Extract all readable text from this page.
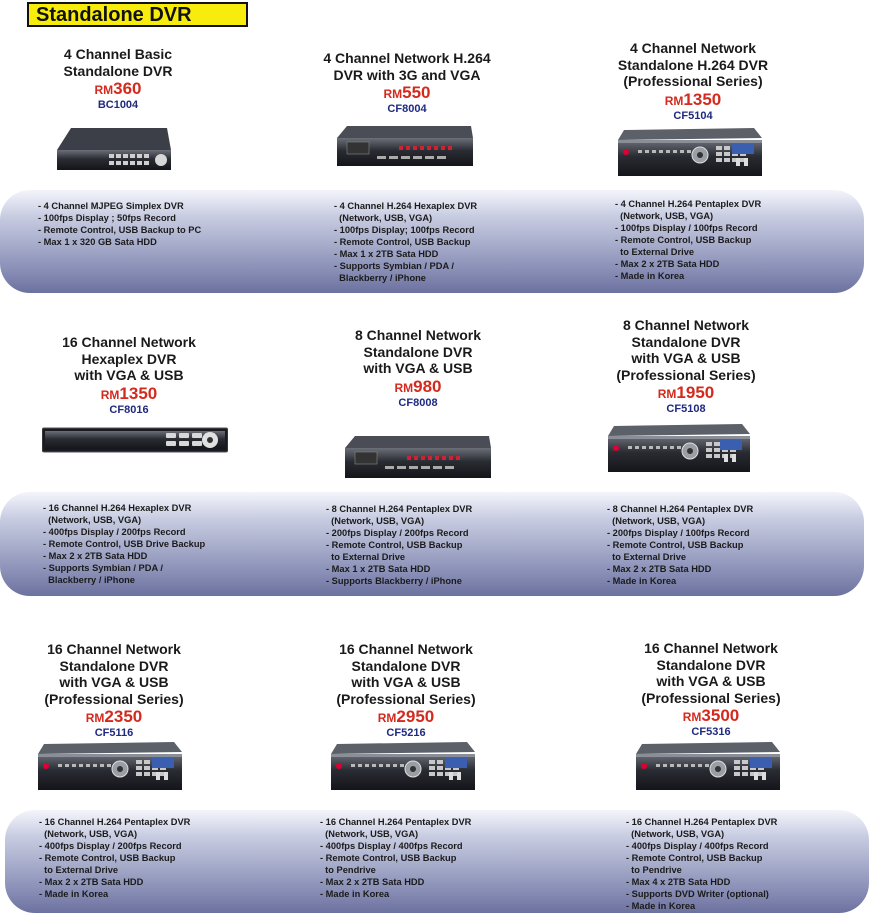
Standalone DVR
4 Channel Basic
Standalone DVR
RM360
BC1004
- 4 Channel MJPEG Simplex DVR
- 100fps Display ; 50fps Record
- Remote Control, USB Backup to PC
- Max 1 x 320 GB Sata HDD
4 Channel Network H.264
DVR with 3G and VGA
RM550
CF8004
- 4 Channel H.264 Hexaplex DVR
(Network, USB, VGA)
- 100fps Display; 100fps Record
- Remote Control, USB Backup
- Max 1 x 2TB Sata HDD
- Supports Symbian / PDA /
Blackberry / iPhone
4 Channel Network
Standalone H.264 DVR
(Professional Series)
RM1350
CF5104
- 4 Channel H.264 Pentaplex DVR
(Network, USB, VGA)
- 100fps Display / 100fps Record
- Remote Control, USB Backup
to External Drive
- Max 2 x 2TB Sata HDD
- Made in Korea
16 Channel Network
Hexaplex DVR
with VGA & USB
RM1350
CF8016
- 16 Channel H.264 Hexaplex DVR
(Network, USB, VGA)
- 400fps Display / 200fps Record
- Remote Control, USB Drive Backup
- Max 2 x 2TB Sata HDD
- Supports Symbian / PDA /
Blackberry / iPhone
8 Channel Network
Standalone DVR
with VGA & USB
RM980
CF8008
- 8 Channel H.264 Pentaplex DVR
(Network, USB, VGA)
- 200fps Display / 200fps Record
- Remote Control, USB Backup
to External Drive
- Max 1 x 2TB Sata HDD
- Supports Blackberry / iPhone
8 Channel Network
Standalone DVR
with VGA & USB
(Professional Series)
RM1950
CF5108
- 8 Channel H.264 Pentaplex DVR
(Network, USB, VGA)
- 200fps Display / 100fps Record
- Remote Control, USB Backup
to External Drive
- Max 2 x 2TB Sata HDD
- Made in Korea
16 Channel Network
Standalone DVR
with VGA & USB
(Professional Series)
RM2350
CF5116
- 16 Channel H.264 Pentaplex DVR
(Network, USB, VGA)
- 400fps Display / 200fps Record
- Remote Control, USB Backup
to External Drive
- Max 2 x 2TB Sata HDD
- Made in Korea
16 Channel Network
Standalone DVR
with VGA & USB
(Professional Series)
RM2950
CF5216
- 16 Channel H.264 Pentaplex DVR
(Network, USB, VGA)
- 400fps Display / 400fps Record
- Remote Control, USB Backup
to Pendrive
- Max 2 x 2TB Sata HDD
- Made in Korea
16 Channel Network
Standalone DVR
with VGA & USB
(Professional Series)
RM3500
CF5316
- 16 Channel H.264 Pentaplex DVR
(Network, USB, VGA)
- 400fps Display / 400fps Record
- Remote Control, USB Backup
to Pendrive
- Max 4 x 2TB Sata HDD
- Supports DVD Writer (optional)
- Made in Korea
